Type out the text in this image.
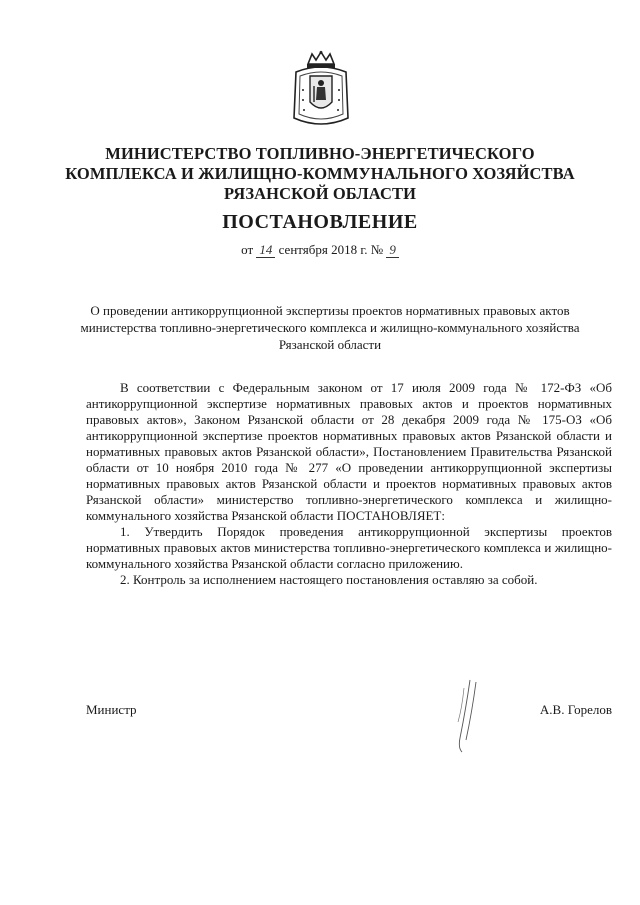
МИНИСТЕРСТВО ТОПЛИВНО-ЭНЕРГЕТИЧЕСКОГО
КОМПЛЕКСА И ЖИЛИЩНО-КОММУНАЛЬНОГО ХОЗЯЙСТВА
РЯЗАНСКОЙ ОБЛАСТИ
ПОСТАНОВЛЕНИЕ
от 14 сентября 2018 г. № 9
О проведении антикоррупционной экспертизы проектов нормативных правовых актов министерства топливно-энергетического комплекса и жилищно-коммунального хозяйства Рязанской области

В соответствии с Федеральным законом от 17 июля 2009 года № 172-ФЗ «Об антикоррупционной экспертизе нормативных правовых актов и проектов нормативных правовых актов», Законом Рязанской области от 28 декабря 2009 года № 175-ОЗ «Об антикоррупционной экспертизе проектов нормативных правовых актов Рязанской области и нормативных правовых актов Рязанской области», Постановлением Правительства Рязанской области от 10 ноября 2010 года № 277 «О проведении антикоррупционной экспертизы нормативных правовых актов Рязанской области и проектов нормативных правовых актов Рязанской области» министерство топливно-энергетического комплекса и жилищно-коммунального хозяйства Рязанской области ПОСТАНОВЛЯЕТ:

1. Утвердить Порядок проведения антикоррупционной экспертизы проектов нормативных правовых актов министерства топливно-энергетического комплекса и жилищно-коммунального хозяйства Рязанской области согласно приложению.

2. Контроль за исполнением настоящего постановления оставляю за собой.

Министр	А.В. Горелов
